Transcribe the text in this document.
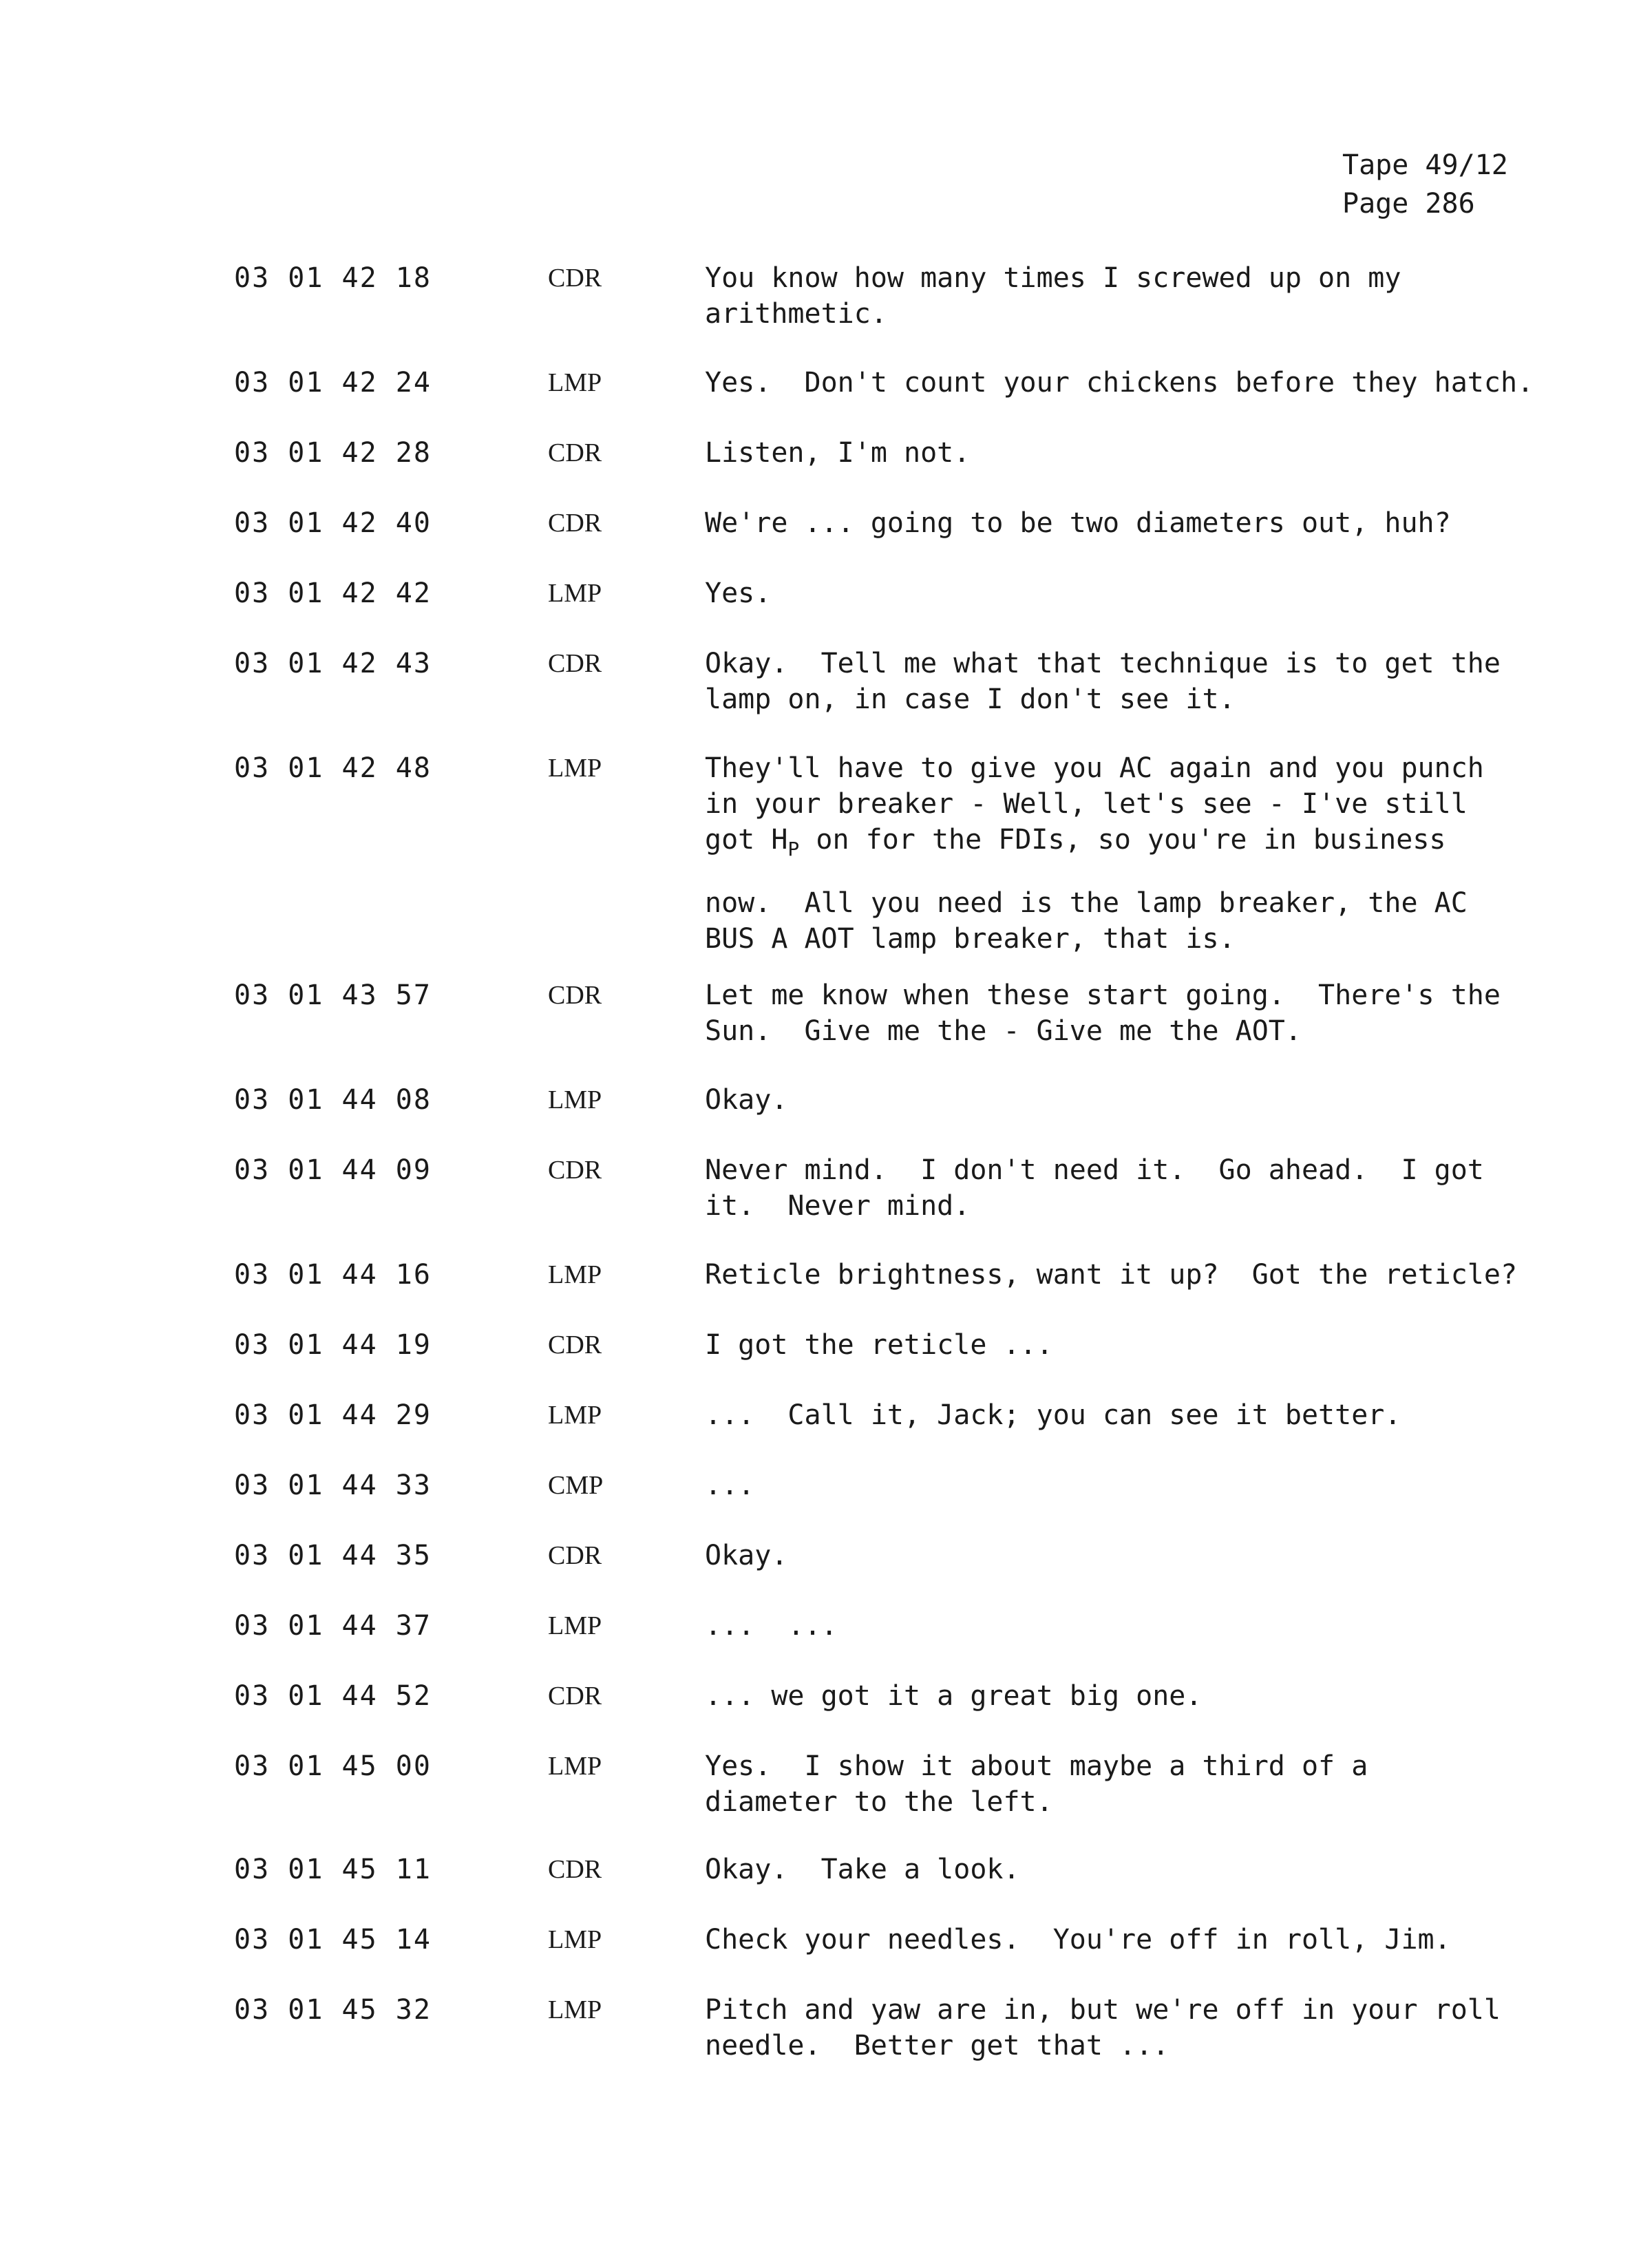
Tape 49/12
Page 286
03 01 42 18	CDR	You know how many times I screwed up on my
arithmetic.
03 01 42 24	LMP	Yes.  Don't count your chickens before they hatch.
03 01 42 28	CDR	Listen, I'm not.
03 01 42 40	CDR	We're ... going to be two diameters out, huh?
03 01 42 42	LMP	Yes.
03 01 42 43	CDR	Okay.  Tell me what that technique is to get the
lamp on, in case I don't see it.
03 01 42 48	LMP	They'll have to give you AC again and you punch
in your breaker - Well, let's see - I've still
got $H_P$ on for the FDIs, so you're in business
now.  All you need is the lamp breaker, the AC
BUS A AOT lamp breaker, that is.
03 01 43 57	CDR	Let me know when these start going.  There's the
Sun.  Give me the - Give me the AOT.
03 01 44 08	LMP	Okay.
03 01 44 09	CDR	Never mind.  I don't need it.  Go ahead.  I got
it.  Never mind.
03 01 44 16	LMP	Reticle brightness, want it up?  Got the reticle?
03 01 44 19	CDR	I got the reticle ...
03 01 44 29	LMP	...  Call it, Jack; you can see it better.
03 01 44 33	CMP	...
03 01 44 35	CDR	Okay.
03 01 44 37	LMP	...  ...
03 01 44 52	CDR	... we got it a great big one.
03 01 45 00	LMP	Yes.  I show it about maybe a third of a
diameter to the left.
03 01 45 11	CDR	Okay.  Take a look.
03 01 45 14	LMP	Check your needles.  You're off in roll, Jim.
03 01 45 32	LMP	Pitch and yaw are in, but we're off in your roll
needle.  Better get that ...
